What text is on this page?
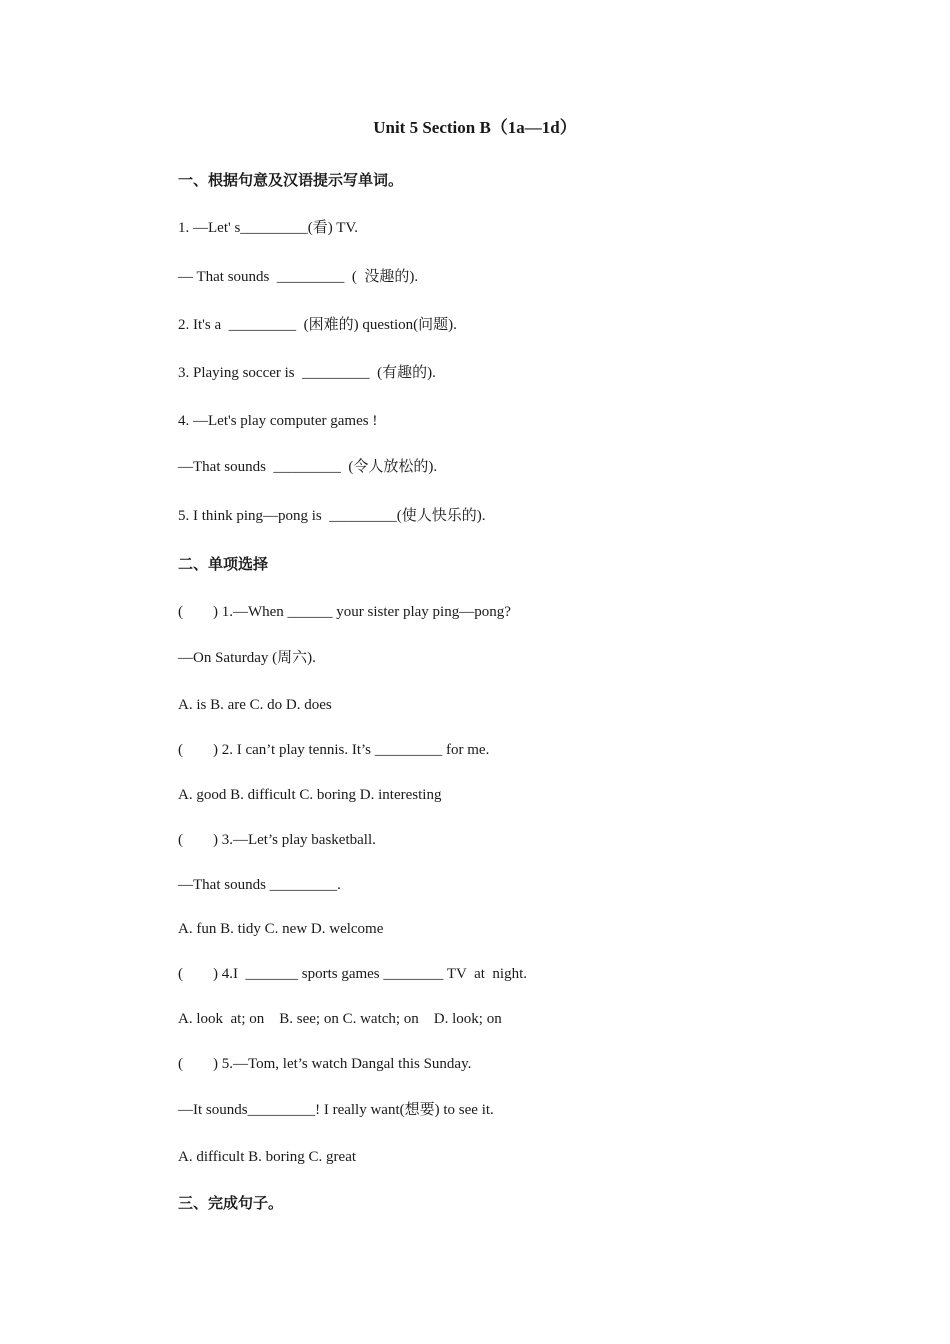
Unit 5 Section B（1a—1d）
一、根据句意及汉语提示写单词。
1. —Let' s_________(看) TV.
— That sounds  _________  (  没趣的).
2. It's a  _________  (困难的) question(问题).
3. Playing soccer is  _________  (有趣的).
4. —Let's play computer games !
—That sounds  _________  (令人放松的).
5. I think ping—pong is  _________(使人快乐的).
二、单项选择
(        ) 1.—When ______ your sister play ping—pong?
—On Saturday (周六).
A. is B. are C. do D. does
(        ) 2. I can’t play tennis. It’s _________ for me.
A. good B. difficult C. boring D. interesting
(        ) 3.—Let’s play basketball.
—That sounds _________.
A. fun B. tidy C. new D. welcome
(        ) 4.I  _______ sports games ________ TV  at  night.
A. look  at; on    B. see; on C. watch; on    D. look; on
(        ) 5.—Tom, let’s watch Dangal this Sunday.
—It sounds_________! I really want(想要) to see it.
A. difficult B. boring C. great
三、完成句子。
